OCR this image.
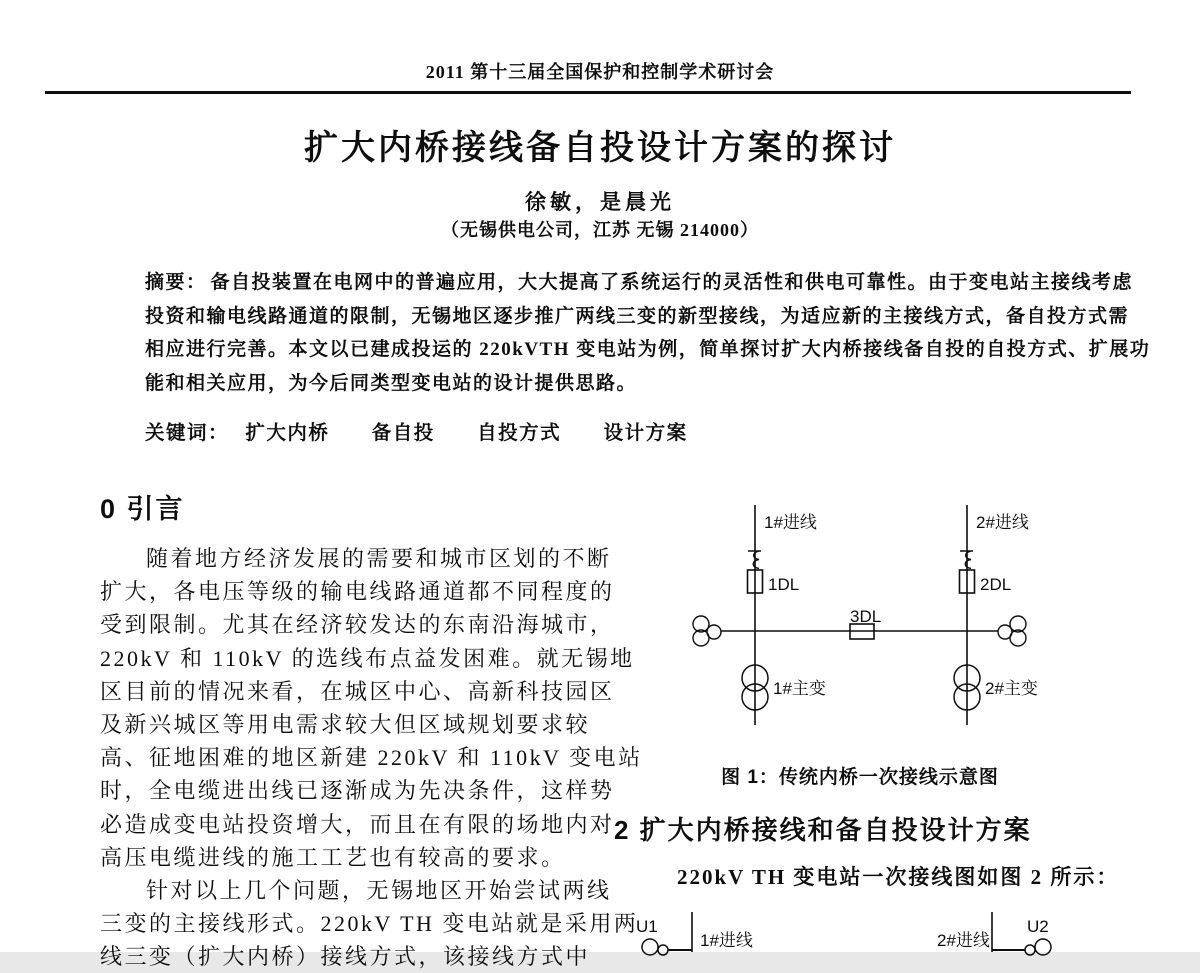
2011 第十三届全国保护和控制学术研讨会
扩大内桥接线备自投设计方案的探讨
徐敏，是晨光
（无锡供电公司，江苏 无锡 214000）
摘要： 备自投装置在电网中的普遍应用，大大提高了系统运行的灵活性和供电可靠性。由于变电站主接线考虑
投资和输电线路通道的限制，无锡地区逐步推广两线三变的新型接线，为适应新的主接线方式，备自投方式需
相应进行完善。本文以已建成投运的 220kVTH 变电站为例，简单探讨扩大内桥接线备自投的自投方式、扩展功
能和相关应用，为今后同类型变电站的设计提供思路。
关键词： 扩大内桥 备自投 自投方式 设计方案
0 引言
随着地方经济发展的需要和城市区划的不断
扩大，各电压等级的输电线路通道都不同程度的
受到限制。尤其在经济较发达的东南沿海城市，
220kV 和 110kV 的选线布点益发困难。就无锡地
区目前的情况来看，在城区中心、高新科技园区
及新兴城区等用电需求较大但区域规划要求较
高、征地困难的地区新建 220kV 和 110kV 变电站
时，全电缆进出线已逐渐成为先决条件，这样势
必造成变电站投资增大，而且在有限的场地内对
高压电缆进线的施工工艺也有较高的要求。
针对以上几个问题，无锡地区开始尝试两线
三变的主接线形式。220kV TH 变电站就是采用两
线三变（扩大内桥）接线方式，该接线方式中
1#进线	2#进线
1DL	2DL
3DL
1#主变	2#主变
图 1：传统内桥一次接线示意图
2 扩大内桥接线和备自投设计方案
220kV TH 变电站一次接线图如图 2 所示：
U1
1#进线	2#进线
U2
